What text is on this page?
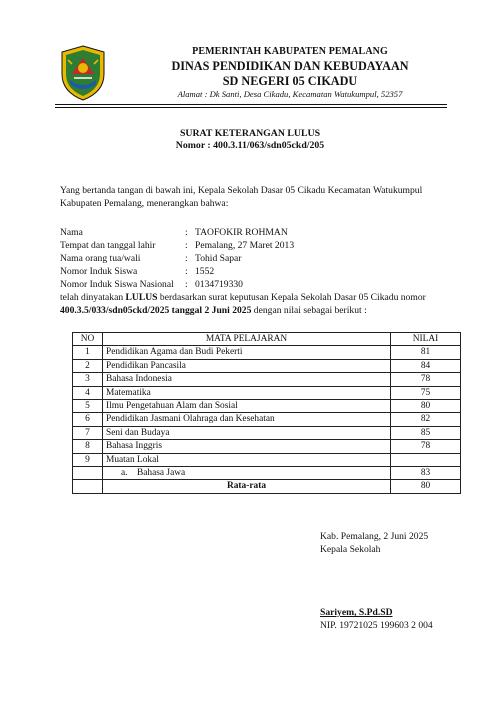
PEMERINTAH KABUPATEN PEMALANG
DINAS PENDIDIKAN DAN KEBUDAYAAN
SD NEGERI 05 CIKADU
Alamat : Dk Santi, Desa Cikadu, Kecamatan Watukumpul, 52357
SURAT KETERANGAN LULUS
Nomor : 400.3.11/063/sdn05ckd/205
Yang bertanda tangan di bawah ini, Kepala Sekolah Dasar 05 Cikadu Kecamatan Watukumpul Kabupaten Pemalang, menerangkan bahwa:
Nama	: TAOFOKIR ROHMAN
Tempat dan tanggal lahir	: Pemalang, 27 Maret 2013
Nama orang tua/wali	: Tohid Sapar
Nomor Induk Siswa	: 1552
Nomor Induk Siswa Nasional : 0134719330
telah dinyatakan LULUS berdasarkan surat keputusan Kepala Sekolah Dasar 05 Cikadu nomor 400.3.5/033/sdn05ckd/2025 tanggal 2 Juni 2025 dengan nilai sebagai berikut :
NO	MATA PELAJARAN	NILAI
1	Pendidikan Agama dan Budi Pekerti	81
2	Pendidikan Pancasila	84
3	Bahasa Indonesia	78
4	Matematika	75
5	Ilmu Pengetahuan Alam dan Sosial	80
6	Pendidikan Jasmani Olahraga dan Kesehatan	82
7	Seni dan Budaya	85
8	Bahasa Inggris	78
9	Muatan Lokal	
	a. Bahasa Jawa	83
	Rata-rata	80
Kab. Pemalang, 2 Juni 2025
Kepala Sekolah
Sariyem, S.Pd.SD
NIP. 19721025 199603 2 004
